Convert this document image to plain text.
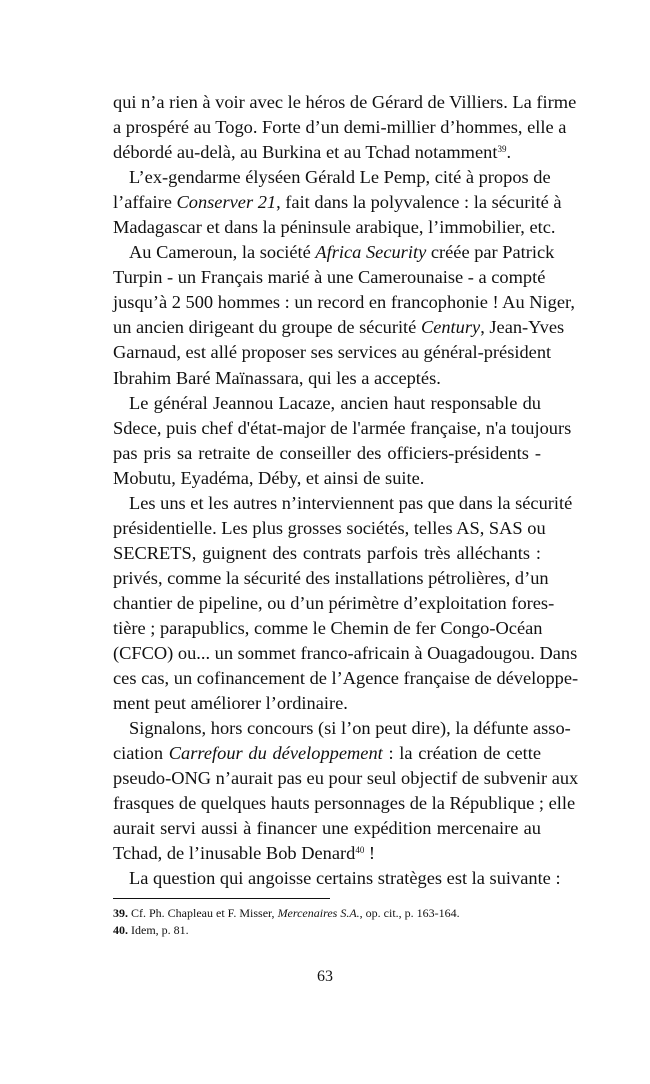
qui n’a rien à voir avec le héros de Gérard de Villiers. La firme
a prospéré au Togo. Forte d’un demi-millier d’hommes, elle a
débordé au-delà, au Burkina et au Tchad notamment$^{39}$.
L’ex-gendarme élyséen Gérald Le Pemp, cité à propos de
l’affaire Conserver 21, fait dans la polyvalence : la sécurité à
Madagascar et dans la péninsule arabique, l’immobilier, etc.
Au Cameroun, la société Africa Security créée par Patrick
Turpin - un Français marié à une Camerounaise - a compté
jusqu’à 2 500 hommes : un record en francophonie ! Au Niger,
un ancien dirigeant du groupe de sécurité Century, Jean-Yves
Garnaud, est allé proposer ses services au général-président
Ibrahim Baré Maïnassara, qui les a acceptés.
Le général Jeannou Lacaze, ancien haut responsable du
Sdece, puis chef d'état-major de l'armée française, n'a toujours
pas pris sa retraite de conseiller des officiers-présidents -
Mobutu, Eyadéma, Déby, et ainsi de suite.
Les uns et les autres n’interviennent pas que dans la sécurité
présidentielle. Les plus grosses sociétés, telles AS, SAS ou
SECRETS, guignent des contrats parfois très alléchants :
privés, comme la sécurité des installations pétrolières, d’un
chantier de pipeline, ou d’un périmètre d’exploitation fores-
tière ; parapublics, comme le Chemin de fer Congo-Océan
(CFCO) ou... un sommet franco-africain à Ouagadougou. Dans
ces cas, un cofinancement de l’Agence française de développe-
ment peut améliorer l’ordinaire.
Signalons, hors concours (si l’on peut dire), la défunte asso-
ciation Carrefour du développement : la création de cette
pseudo-ONG n’aurait pas eu pour seul objectif de subvenir aux
frasques de quelques hauts personnages de la République ; elle
aurait servi aussi à financer une expédition mercenaire au
Tchad, de l’inusable Bob Denard$^{40}$ !
La question qui angoisse certains stratèges est la suivante :
39. Cf. Ph. Chapleau et F. Misser, Mercenaires S.A., op. cit., p. 163-164.
40. Idem, p. 81.
63
